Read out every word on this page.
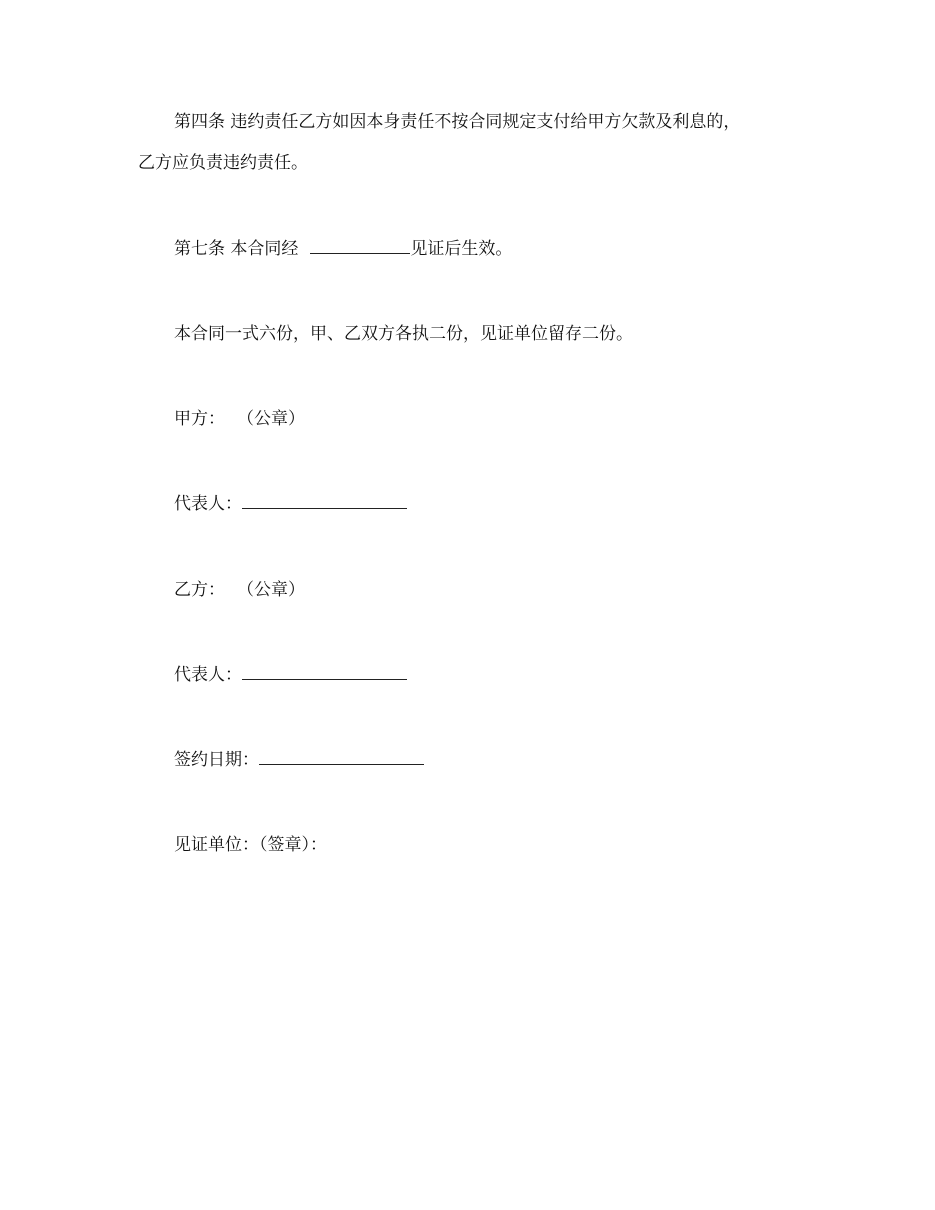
第四条 违约责任乙方如因本身责任不按合同规定支付给甲方欠款及利息的，
乙方应负责违约责任。
第七条 本合同经	见证后生效。
本合同一式六份，甲、乙双方各执二份，见证单位留存二份。
甲方： （公章）
代表人：
乙方： （公章）
代表人：
签约日期：
见证单位：（签章）：
